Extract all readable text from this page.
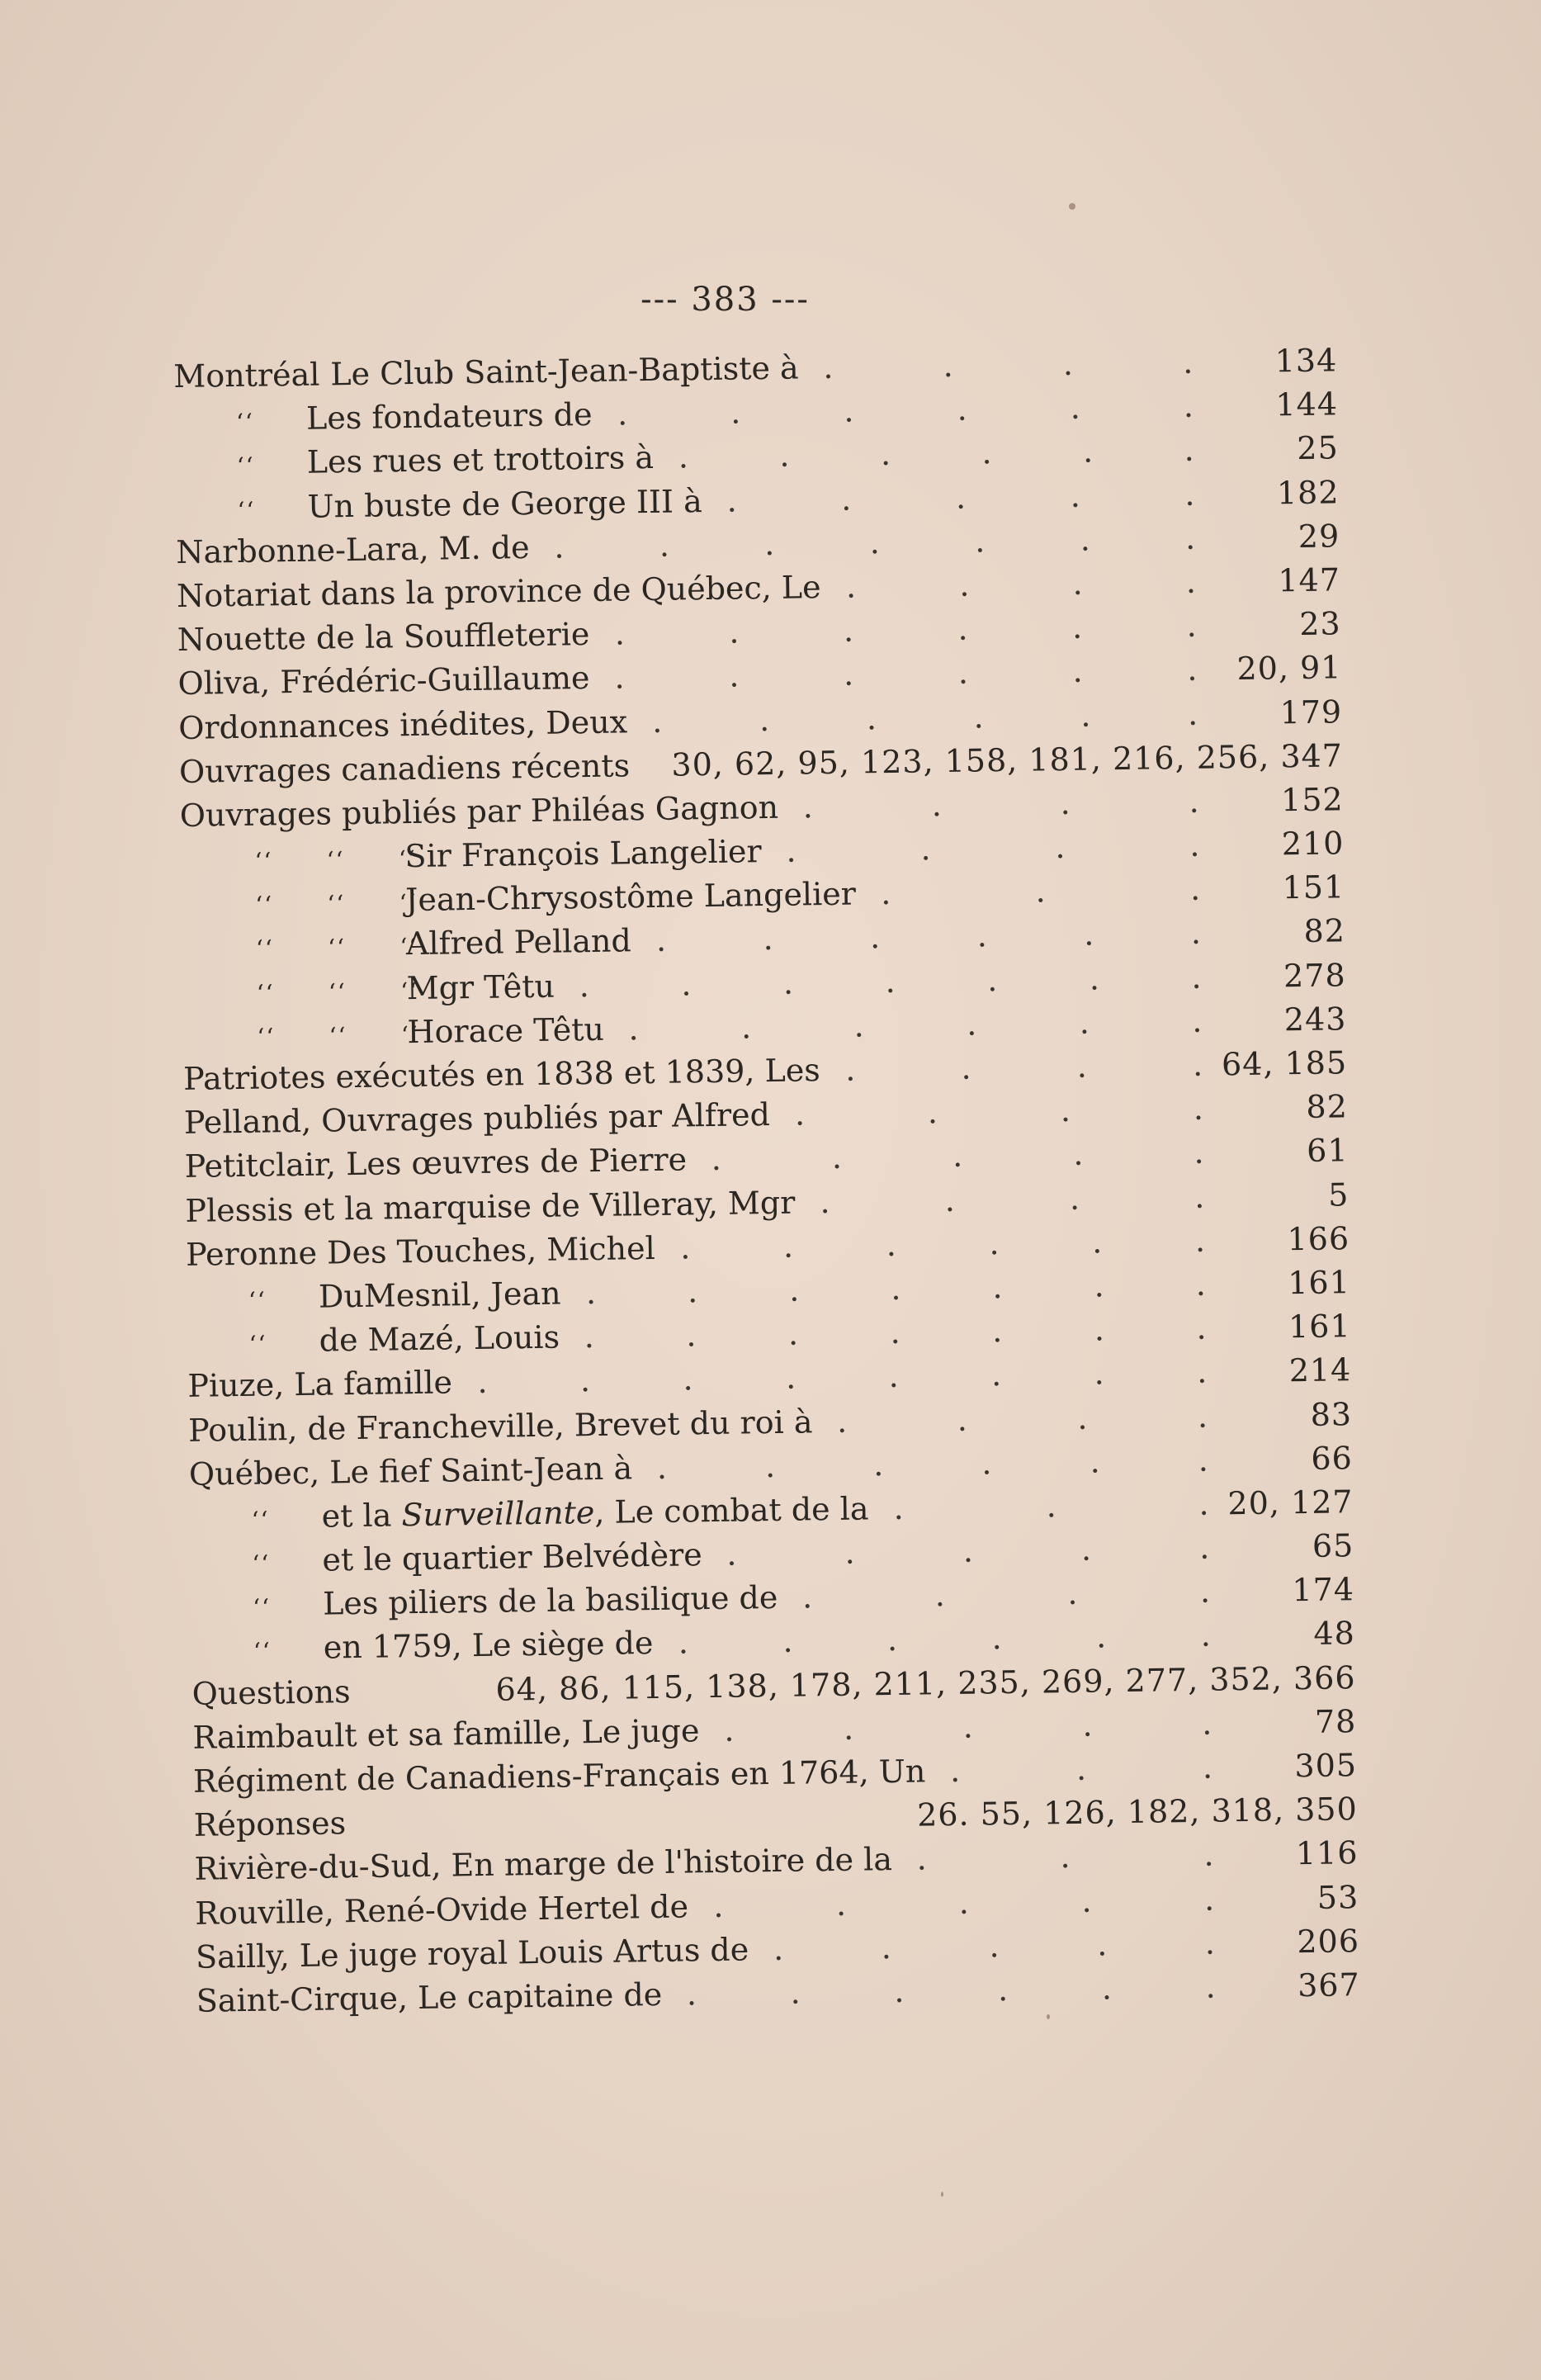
--- 383 ---
Montréal Le Club Saint-Jean-Baptiste à	134
.	.	.	.
‘‘ Les fondateurs de	144
.	.	.	.	.	.
‘‘ Les rues et trottoirs à	25
.	.	.	.	.	.
‘‘ Un buste de George III à	182
.	.	.	.	.
Narbonne-Lara, M. de	29
.	.	.	.	.	.	.
Notariat dans la province de Québec, Le	147
.	.	.	.
Nouette de la Souffleterie	23
.	.	.	.	.	.
Oliva, Frédéric-Guillaume	20, 91
.	.	.	.	.	.
Ordonnances inédites, Deux	179
.	.	.	.	.	.
Ouvrages canadiens récents 30, 62, 95, 123, 158, 181, 216, 256, 347
Ouvrages publiés par Philéas Gagnon	152
.	.	.	.
‘‘      ‘‘      ‘‘Sir François Langelier	210
.	.	.	.
‘‘      ‘‘      ‘‘Jean-Chrysostôme Langelier	151
.	.	.
‘‘      ‘‘      ‘‘Alfred Pelland	82
.	.	.	.	.	.
‘‘      ‘‘      ‘‘Mgr Têtu	278
.	.	.	.	.	.	.
‘‘      ‘‘      ‘‘Horace Têtu	243
.	.	.	.	.	.
Patriotes exécutés en 1838 et 1839, Les	64, 185
.	.	.	.
Pelland, Ouvrages publiés par Alfred	82
.	.	.	.
Petitclair, Les œuvres de Pierre	61
.	.	.	.	.
Plessis et la marquise de Villeray, Mgr	5
.	.	.	.
Peronne Des Touches, Michel	166
.	.	.	.	.	.
‘‘ DuMesnil, Jean	161
.	.	.	.	.	.	.
‘‘ de Mazé, Louis	161
.	.	.	.	.	.	.
Piuze, La famille	214
.	.	.	.	.	.	.	.
Poulin, de Francheville, Brevet du roi à	83
.	.	.	.
Québec, Le fief Saint-Jean à	66
.	.	.	.	.	.
‘‘ et la Surveillante, Le combat de la	20, 127
.	.	.
‘‘ et le quartier Belvédère	65
.	.	.	.	.
‘‘ Les piliers de la basilique de	174
.	.	.	.
‘‘ en 1759, Le siège de	48
.	.	.	.	.	.
Questions	64, 86, 115, 138, 178, 211, 235, 269, 277, 352, 366
Raimbault et sa famille, Le juge	78
.	.	.	.	.
Régiment de Canadiens-Français en 1764, Un	305
.	.	.
Réponses	26. 55, 126, 182, 318, 350
Rivière-du-Sud, En marge de l'histoire de la	116
.	.	.
Rouville, René-Ovide Hertel de	53
.	.	.	.	.
Sailly, Le juge royal Louis Artus de	206
.	.	.	.	.
Saint-Cirque, Le capitaine de	367
.	.	.	.	.	.
